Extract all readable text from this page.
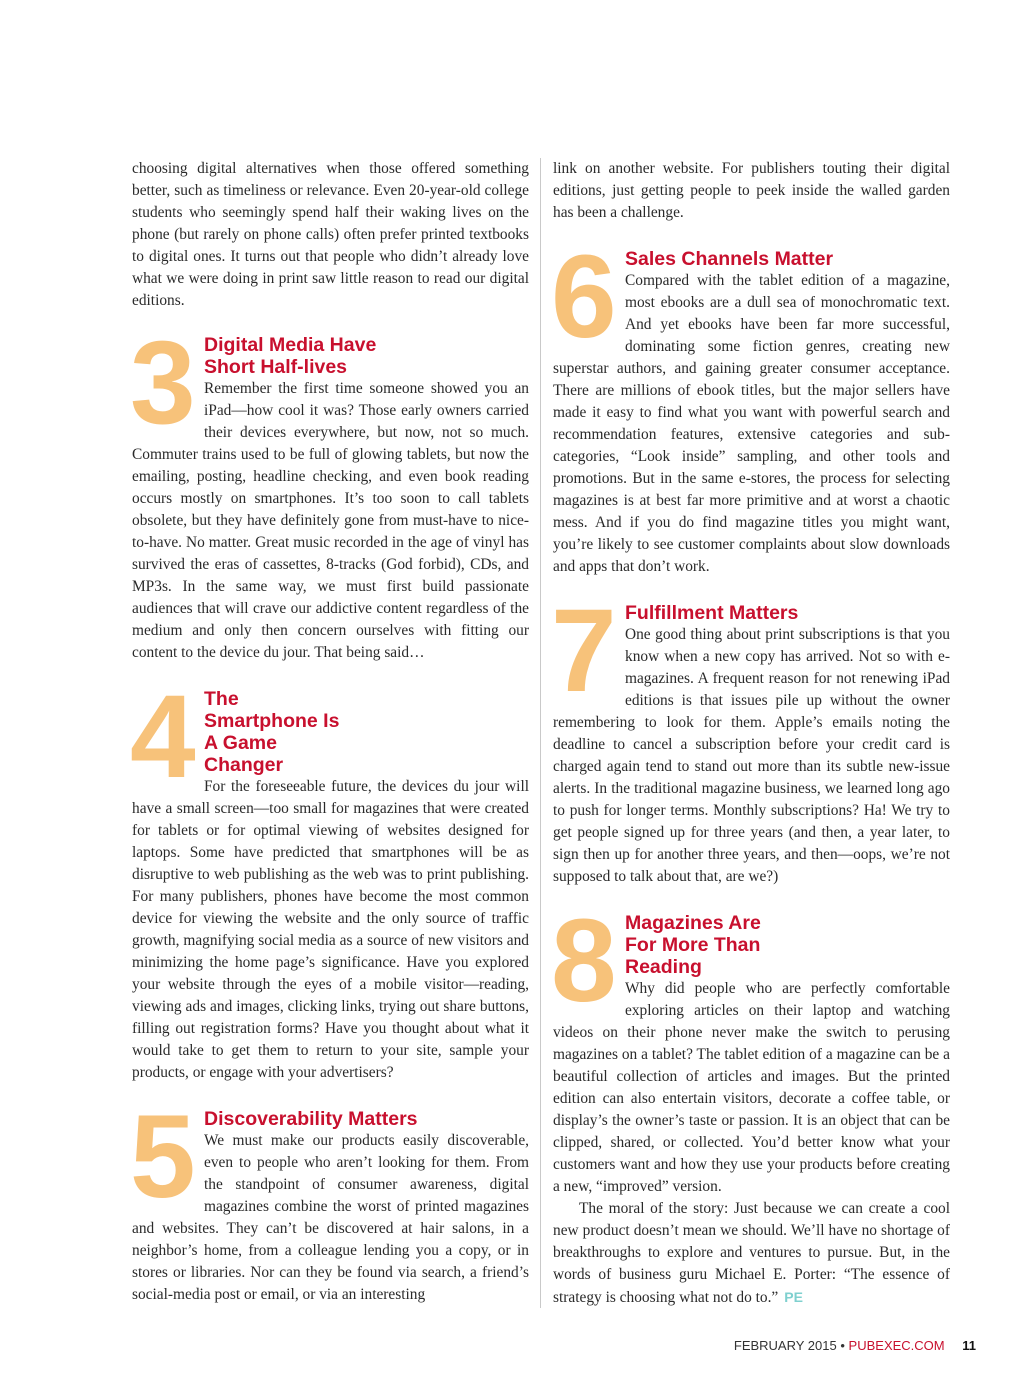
choosing digital alternatives when those offered something better, such as timeliness or relevance. Even 20-year-old college students who seemingly spend half their waking lives on the phone (but rarely on phone calls) often prefer printed textbooks to digital ones. It turns out that people who didn’t already love what we were doing in print saw little reason to read our digital editions.

3 Digital Media Have Short Half-lives

Remember the first time someone showed you an iPad—how cool it was? Those early owners carried their devices everywhere, but now, not so much. Commuter trains used to be full of glowing tablets, but now the emailing, posting, headline checking, and even book reading occurs mostly on smartphones. It’s too soon to call tablets obsolete, but they have definitely gone from must-have to nice-to-have. No matter. Great music recorded in the age of vinyl has survived the eras of cassettes, 8-tracks (God forbid), CDs, and MP3s. In the same way, we must first build passionate audiences that will crave our addictive content regardless of the medium and only then concern ourselves with fitting our content to the device du jour. That being said…

4 The Smartphone Is A Game Changer

For the foreseeable future, the devices du jour will have a small screen—too small for magazines that were created for tablets or for optimal viewing of websites designed for laptops. Some have predicted that smartphones will be as disruptive to web publishing as the web was to print publishing. For many publishers, phones have become the most common device for viewing the website and the only source of traffic growth, magnifying social media as a source of new visitors and minimizing the home page’s significance. Have you explored your website through the eyes of a mobile visitor—reading, viewing ads and images, clicking links, trying out share buttons, filling out registration forms? Have you thought about what it would take to get them to return to your site, sample your products, or engage with your advertisers?

5 Discoverability Matters

We must make our products easily discoverable, even to people who aren’t looking for them. From the standpoint of consumer awareness, digital magazines combine the worst of printed magazines and websites. They can’t be discovered at hair salons, in a neighbor’s home, from a colleague lending you a copy, or in stores or libraries. Nor can they be found via search, a friend’s social-media post or email, or via an interesting

link on another website. For publishers touting their digital editions, just getting people to peek inside the walled garden has been a challenge.

6 Sales Channels Matter

Compared with the tablet edition of a magazine, most ebooks are a dull sea of monochromatic text. And yet ebooks have been far more successful, dominating some fiction genres, creating new superstar authors, and gaining greater consumer acceptance. There are millions of ebook titles, but the major sellers have made it easy to find what you want with powerful search and recommendation features, extensive categories and sub-categories, “Look inside” sampling, and other tools and promotions. But in the same e-stores, the process for selecting magazines is at best far more primitive and at worst a chaotic mess. And if you do find magazine titles you might want, you’re likely to see customer complaints about slow downloads and apps that don’t work.

7 Fulfillment Matters

One good thing about print subscriptions is that you know when a new copy has arrived. Not so with e-magazines. A frequent reason for not renewing iPad editions is that issues pile up without the owner remembering to look for them. Apple’s emails noting the deadline to cancel a subscription before your credit card is charged again tend to stand out more than its subtle new-issue alerts. In the traditional magazine business, we learned long ago to push for longer terms. Monthly subscriptions? Ha! We try to get people signed up for three years (and then, a year later, to sign then up for another three years, and then—oops, we’re not supposed to talk about that, are we?)

8 Magazines Are For More Than Reading

Why did people who are perfectly comfortable exploring articles on their laptop and watching videos on their phone never make the switch to perusing magazines on a tablet? The tablet edition of a magazine can be a beautiful collection of articles and images. But the printed edition can also entertain visitors, decorate a coffee table, or display’s the owner’s taste or passion. It is an object that can be clipped, shared, or collected. You’d better know what your customers want and how they use your products before creating a new, “improved” version.

The moral of the story: Just because we can create a cool new product doesn’t mean we should. We’ll have no shortage of breakthroughs to explore and ventures to pursue. But, in the words of business guru Michael E. Porter: “The essence of strategy is choosing what not do to.” PE

FEBRUARY 2015 • PUBEXEC.COM 11
